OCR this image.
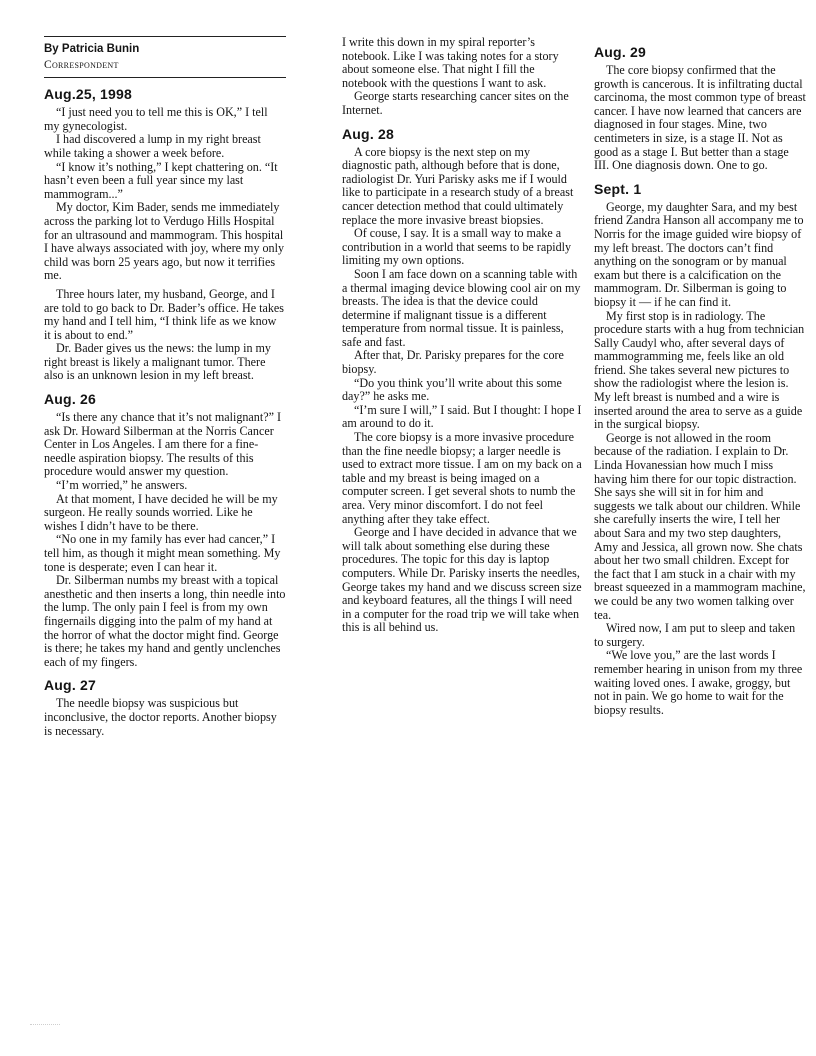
By Patricia Bunin

Correspondent

Aug.25, 1998

“I just need you to tell me this is OK,” I tell my gynecologist.

I had discovered a lump in my right breast while taking a shower a week before.

“I know it’s nothing,” I kept chattering on. “It hasn’t even been a full year since my last mammogram...”

My doctor, Kim Bader, sends me immediately across the parking lot to Verdugo Hills Hospital for an ultrasound and mammogram. This hospital I have always associated with joy, where my only child was born 25 years ago, but now it terrifies me.

Three hours later, my husband, George, and I are told to go back to Dr. Bader’s office. He takes my hand and I tell him, “I think life as we know it is about to end.”

Dr. Bader gives us the news: the lump in my right breast is likely a malignant tumor. There also is an unknown lesion in my left breast.

Aug. 26

“Is there any chance that it’s not malignant?” I ask Dr. Howard Silberman at the Norris Cancer Center in Los Angeles. I am there for a fine-needle aspiration biopsy. The results of this procedure would answer my question.

“I’m worried,” he answers.

At that moment, I have decided he will be my surgeon. He really sounds worried. Like he wishes I didn’t have to be there.

“No one in my family has ever had cancer,” I tell him, as though it might mean something. My tone is desperate; even I can hear it.

Dr. Silberman numbs my breast with a topical anesthetic and then inserts a long, thin needle into the lump. The only pain I feel is from my own fingernails digging into the palm of my hand at the horror of what the doctor might find. George is there; he takes my hand and gently unclenches each of my fingers.

Aug. 27

The needle biopsy was suspicious but inconclusive, the doctor reports. Another biopsy is necessary.

I write this down in my spiral reporter’s notebook. Like I was taking notes for a story about someone else. That night I fill the notebook with the questions I want to ask.

George starts researching cancer sites on the Internet.

Aug. 28

A core biopsy is the next step on my diagnostic path, although before that is done, radiologist Dr. Yuri Parisky asks me if I would like to participate in a research study of a breast cancer detection method that could ultimately replace the more invasive breast biopsies.

Of couse, I say. It is a small way to make a contribution in a world that seems to be rapidly limiting my own options.

Soon I am face down on a scanning table with a thermal imaging device blowing cool air on my breasts. The idea is that the device could determine if malignant tissue is a different temperature from normal tissue. It is painless, safe and fast.

After that, Dr. Parisky prepares for the core biopsy.

“Do you think you’ll write about this some day?” he asks me.

“I’m sure I will,” I said. But I thought: I hope I am around to do it.

The core biopsy is a more invasive procedure than the fine needle biopsy; a larger needle is used to extract more tissue. I am on my back on a table and my breast is being imaged on a computer screen. I get several shots to numb the area. Very minor discomfort. I do not feel anything after they take effect.

George and I have decided in advance that we will talk about something else during these procedures. The topic for this day is laptop computers. While Dr. Parisky inserts the needles, George takes my hand and we discuss screen size and keyboard features, all the things I will need in a computer for the road trip we will take when this is all behind us.

Aug. 29

The core biopsy confirmed that the growth is cancerous. It is infiltrating ductal carcinoma, the most common type of breast cancer. I have now learned that cancers are diagnosed in four stages. Mine, two centimeters in size, is a stage II. Not as good as a stage I. But better than a stage III. One diagnosis down. One to go.

Sept. 1

George, my daughter Sara, and my best friend Zandra Hanson all accompany me to Norris for the image guided wire biopsy of my left breast. The doctors can’t find anything on the sonogram or by manual exam but there is a calcification on the mammogram. Dr. Silberman is going to biopsy it — if he can find it.

My first stop is in radiology. The procedure starts with a hug from technician Sally Caudyl who, after several days of mammogramming me, feels like an old friend. She takes several new pictures to show the radiologist where the lesion is. My left breast is numbed and a wire is inserted around the area to serve as a guide in the surgical biopsy.

George is not allowed in the room because of the radiation. I explain to Dr. Linda Hovanessian how much I miss having him there for our topic distraction. She says she will sit in for him and suggests we talk about our children. While she carefully inserts the wire, I tell her about Sara and my two step daughters, Amy and Jessica, all grown now. She chats about her two small children. Except for the fact that I am stuck in a chair with my breast squeezed in a mammogram machine, we could be any two women talking over tea.

Wired now, I am put to sleep and taken to surgery.

“We love you,” are the last words I remember hearing in unison from my three waiting loved ones. I awake, groggy, but not in pain. We go home to wait for the biopsy results.
